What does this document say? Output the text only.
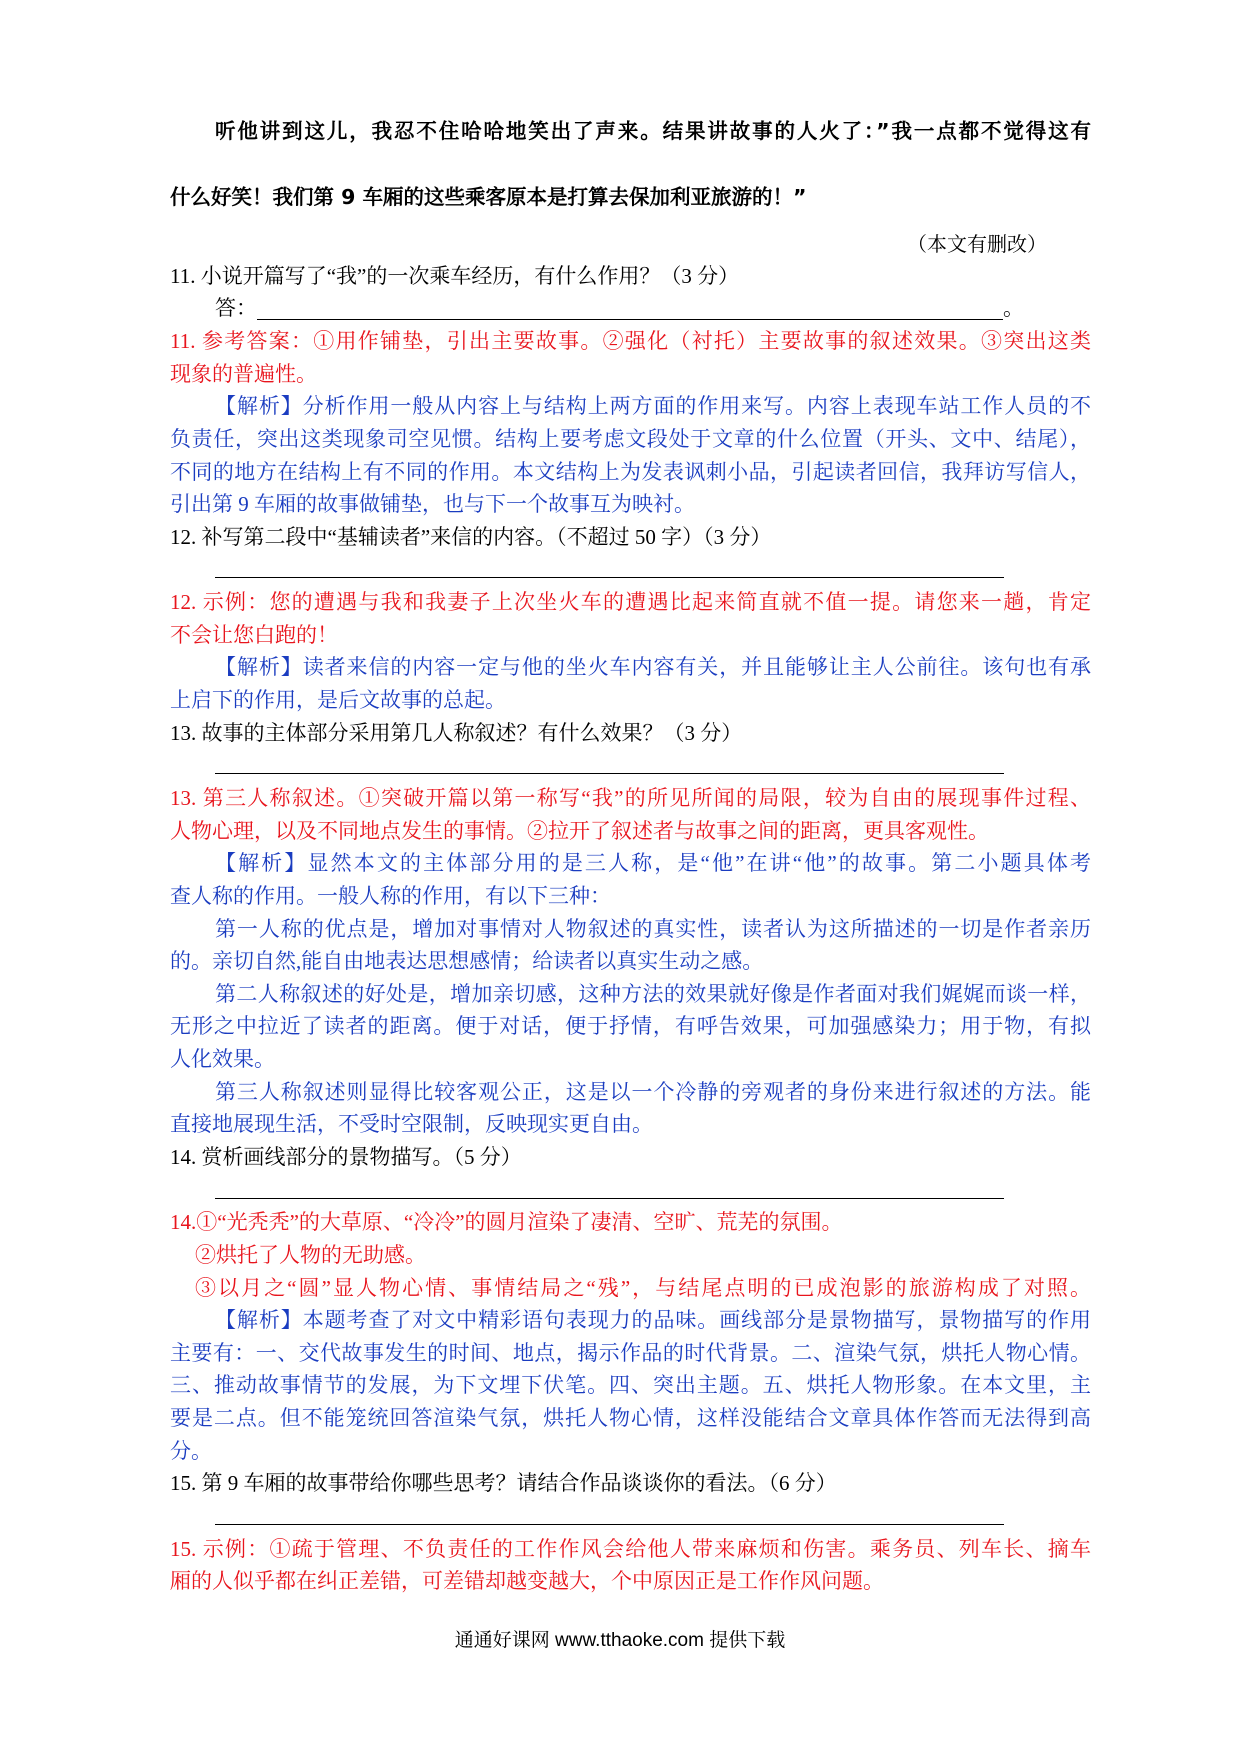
听他讲到这儿，我忍不住哈哈地笑出了声来。结果讲故事的人火了：”我一点都不觉得这有
什么好笑！我们第 9 车厢的这些乘客原本是打算去保加利亚旅游的！”
（本文有删改）
11. 小说开篇写了“我”的一次乘车经历，有什么作用？（3 分）
答：	。
11. 参考答案：①用作铺垫，引出主要故事。②强化（衬托）主要故事的叙述效果。③突出这类
现象的普遍性。
【解析】分析作用一般从内容上与结构上两方面的作用来写。内容上表现车站工作人员的不
负责任，突出这类现象司空见惯。结构上要考虑文段处于文章的什么位置（开头、文中、结尾），
不同的地方在结构上有不同的作用。本文结构上为发表讽刺小品，引起读者回信，我拜访写信人，
引出第 9 车厢的故事做铺垫，也与下一个故事互为映衬。
12. 补写第二段中“基辅读者”来信的内容。（不超过 50 字）（3 分）
12. 示例：您的遭遇与我和我妻子上次坐火车的遭遇比起来简直就不值一提。请您来一趟，肯定
不会让您白跑的！
【解析】读者来信的内容一定与他的坐火车内容有关，并且能够让主人公前往。该句也有承
上启下的作用，是后文故事的总起。
13. 故事的主体部分采用第几人称叙述？有什么效果？（3 分）
13. 第三人称叙述。①突破开篇以第一称写“我”的所见所闻的局限，较为自由的展现事件过程、
人物心理，以及不同地点发生的事情。②拉开了叙述者与故事之间的距离，更具客观性。
【解析】显然本文的主体部分用的是三人称，是“他”在讲“他”的故事。第二小题具体考
查人称的作用。一般人称的作用，有以下三种：
第一人称的优点是，增加对事情对人物叙述的真实性，读者认为这所描述的一切是作者亲历
的。亲切自然,能自由地表达思想感情；给读者以真实生动之感。
第二人称叙述的好处是，增加亲切感，这种方法的效果就好像是作者面对我们娓娓而谈一样，
无形之中拉近了读者的距离。便于对话，便于抒情，有呼告效果，可加强感染力；用于物，有拟
人化效果。
第三人称叙述则显得比较客观公正，这是以一个冷静的旁观者的身份来进行叙述的方法。能
直接地展现生活，不受时空限制，反映现实更自由。
14. 赏析画线部分的景物描写。（5 分）
14.①“光秃秃”的大草原、“冷冷”的圆月渲染了凄清、空旷、荒芜的氛围。
②烘托了人物的无助感。
③以月之“圆”显人物心情、事情结局之“残”，与结尾点明的已成泡影的旅游构成了对照。
【解析】本题考查了对文中精彩语句表现力的品味。画线部分是景物描写，景物描写的作用
主要有：一、交代故事发生的时间、地点，揭示作品的时代背景。二、渲染气氛，烘托人物心情。
三、推动故事情节的发展，为下文埋下伏笔。四、突出主题。五、烘托人物形象。在本文里，主
要是二点。但不能笼统回答渲染气氛，烘托人物心情，这样没能结合文章具体作答而无法得到高
分。
15. 第 9 车厢的故事带给你哪些思考？请结合作品谈谈你的看法。（6 分）
15. 示例：①疏于管理、不负责任的工作作风会给他人带来麻烦和伤害。乘务员、列车长、摘车
厢的人似乎都在纠正差错，可差错却越变越大，个中原因正是工作作风问题。
通通好课网 www.tthaoke.com 提供下载
